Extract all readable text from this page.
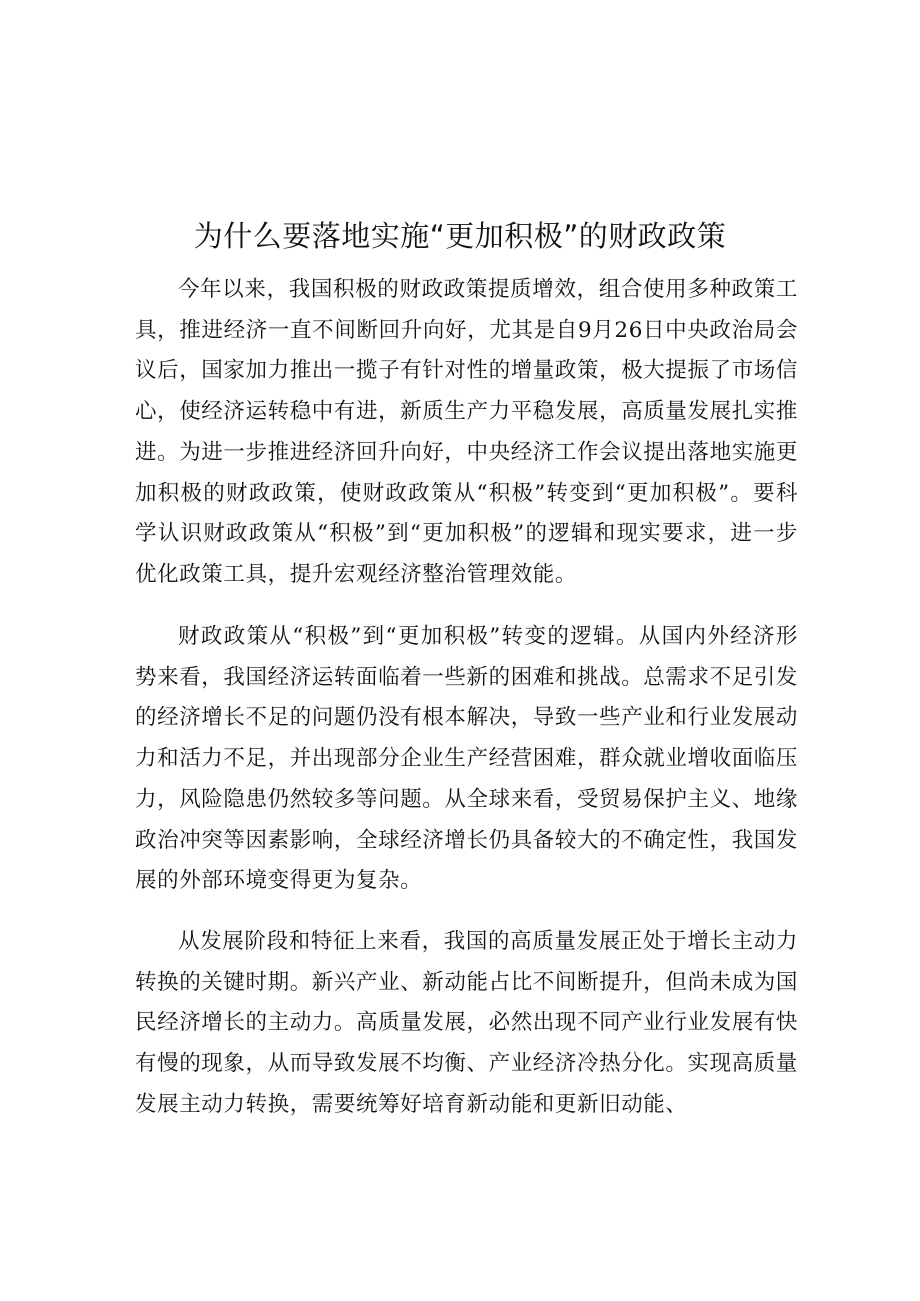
为什么要落地实施“更加积极”的财政政策

今年以来，我国积极的财政政策提质增效，组合使用多种政策工具，推进经济一直不间断回升向好，尤其是自9月26日中央政治局会议后，国家加力推出一揽子有针对性的增量政策，极大提振了市场信心，使经济运转稳中有进，新质生产力平稳发展，高质量发展扎实推进。为进一步推进经济回升向好，中央经济工作会议提出落地实施更加积极的财政政策，使财政政策从“积极”转变到“更加积极”。要科学认识财政政策从“积极”到“更加积极”的逻辑和现实要求，进一步优化政策工具，提升宏观经济整治管理效能。

财政政策从“积极”到“更加积极”转变的逻辑。从国内外经济形势来看，我国经济运转面临着一些新的困难和挑战。总需求不足引发的经济增长不足的问题仍没有根本解决，导致一些产业和行业发展动力和活力不足，并出现部分企业生产经营困难，群众就业增收面临压力，风险隐患仍然较多等问题。从全球来看，受贸易保护主义、地缘政治冲突等因素影响，全球经济增长仍具备较大的不确定性，我国发展的外部环境变得更为复杂。

从发展阶段和特征上来看，我国的高质量发展正处于增长主动力转换的关键时期。新兴产业、新动能占比不间断提升，但尚未成为国民经济增长的主动力。高质量发展，必然出现不同产业行业发展有快有慢的现象，从而导致发展不均衡、产业经济冷热分化。实现高质量发展主动力转换，需要统筹好培育新动能和更新旧动能、
